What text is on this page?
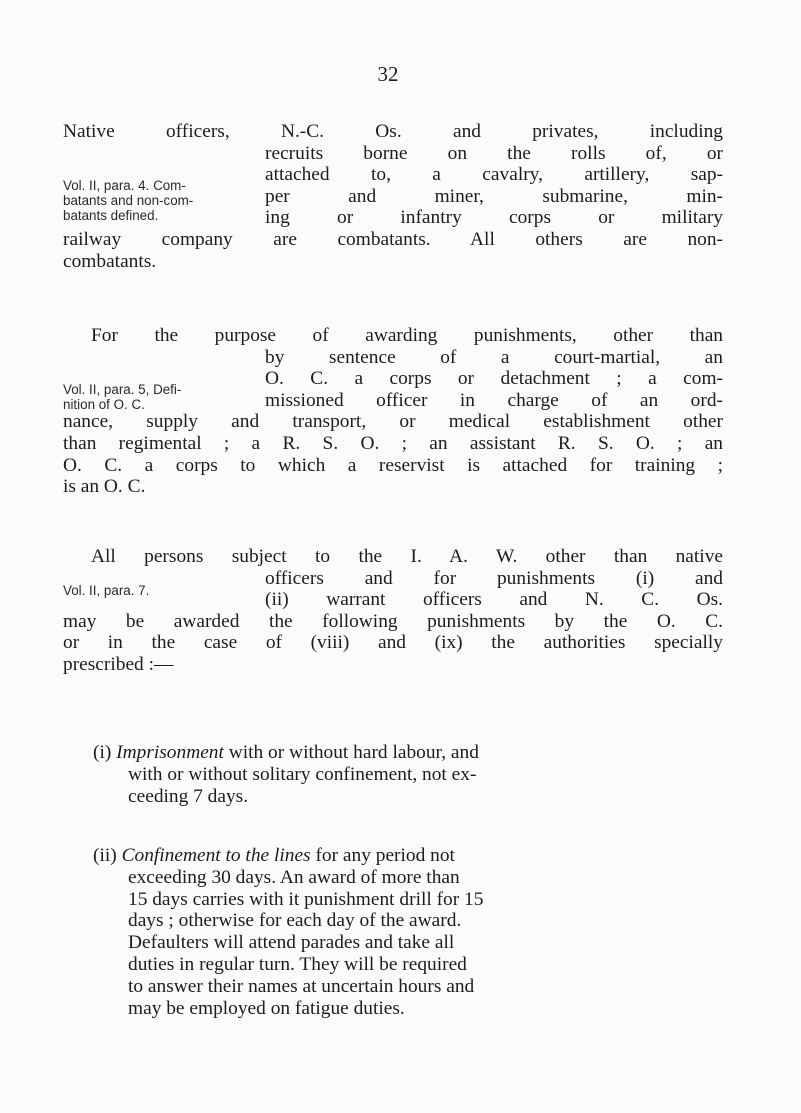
32
Vol. II, para. 4. Com-
batants and non-com-
batants defined.
Native officers, N.-C. Os. and privates, including
recruits borne on the rolls of, or
attached to, a cavalry, artillery, sap-
per and miner, submarine, min-
ing or infantry corps or military
railway company are combatants. All others are non-
combatants.
Vol. II, para. 5, Defi-
nition of O. C.
For the purpose of awarding punishments, other than
by sentence of a court-martial, an
O. C. a corps or detachment ; a com-
missioned officer in charge of an ord-
nance, supply and transport, or medical establishment other
than regimental ; a R. S. O. ; an assistant R. S. O. ; an
O. C. a corps to which a reservist is attached for training ;
is an O. C.
Vol. II, para. 7.
All persons subject to the I. A. W. other than native
officers and for punishments (i) and
(ii) warrant officers and N. C. Os.
may be awarded the following punishments by the O. C.
or in the case of (viii) and (ix) the authorities specially
prescribed :—
(i) Imprisonment with or without hard labour, and
with or without solitary confinement, not ex-
ceeding 7 days.
(ii) Confinement to the lines for any period not
exceeding 30 days. An award of more than
15 days carries with it punishment drill for 15
days ; otherwise for each day of the award.
Defaulters will attend parades and take all
duties in regular turn. They will be required
to answer their names at uncertain hours and
may be employed on fatigue duties.
